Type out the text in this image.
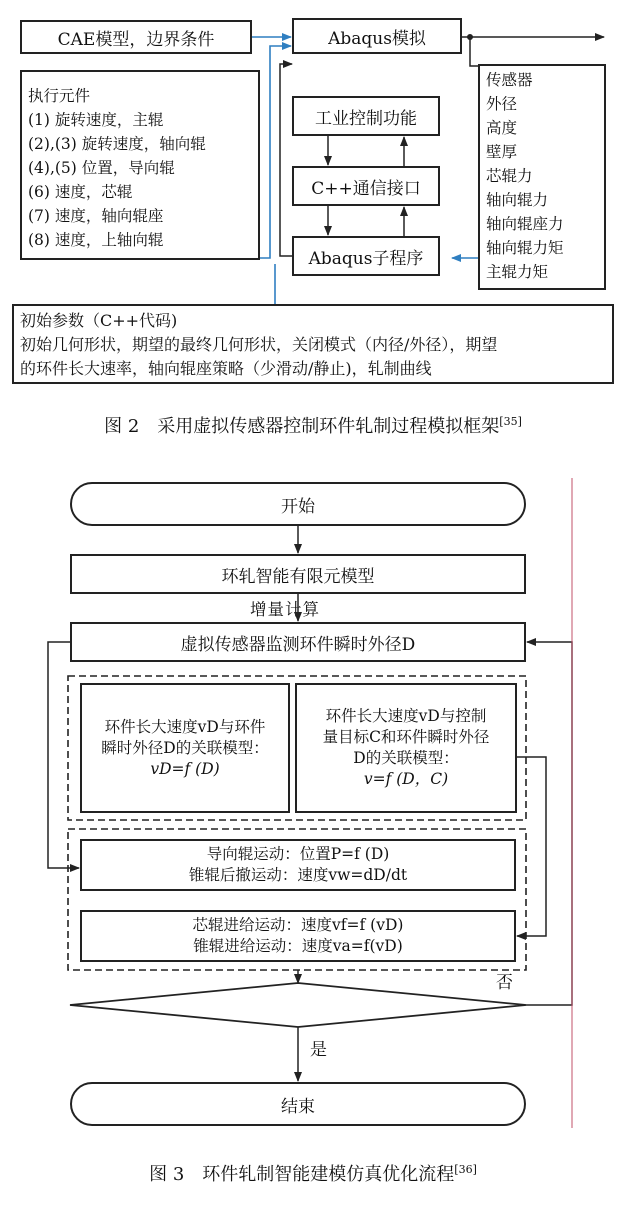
CAE模型，边界条件	Abaqus模拟
执行元件
(1) 旋转速度，主辊
(2),(3) 旋转速度，轴向辊
(4),(5) 位置，导向辊
(6) 速度，芯辊
(7) 速度，轴向辊座
(8) 速度，上轴向辊
工业控制功能
C++通信接口
Abaqus子程序
传感器
外径
高度
壁厚
芯辊力
轴向辊力
轴向辊座力
轴向辊力矩
主辊力矩
初始参数（C++代码)
初始几何形状，期望的最终几何形状，关闭模式（内径/外径），期望
的环件长大速率，轴向辊座策略（少滑动/静止)，轧制曲线
图 2　采用虚拟传感器控制环件轧制过程模拟框架[35]
开始
环轧智能有限元模型
增量计算
虚拟传感器监测环件瞬时外径D
环件长大速度vD与环件
瞬时外径D的关联模型：
vD=f (D)
环件长大速度vD与控制
量目标C和环件瞬时外径
D的关联模型：
v=f (D，C)
导向辊运动：位置P=f (D)
锥辊后撤运动：速度vw=dD/dt
芯辊进给运动：速度vf=f (vD)
锥辊进给运动：速度va=f(vD)
否
是
结束
图 3　环件轧制智能建模仿真优化流程[36]
